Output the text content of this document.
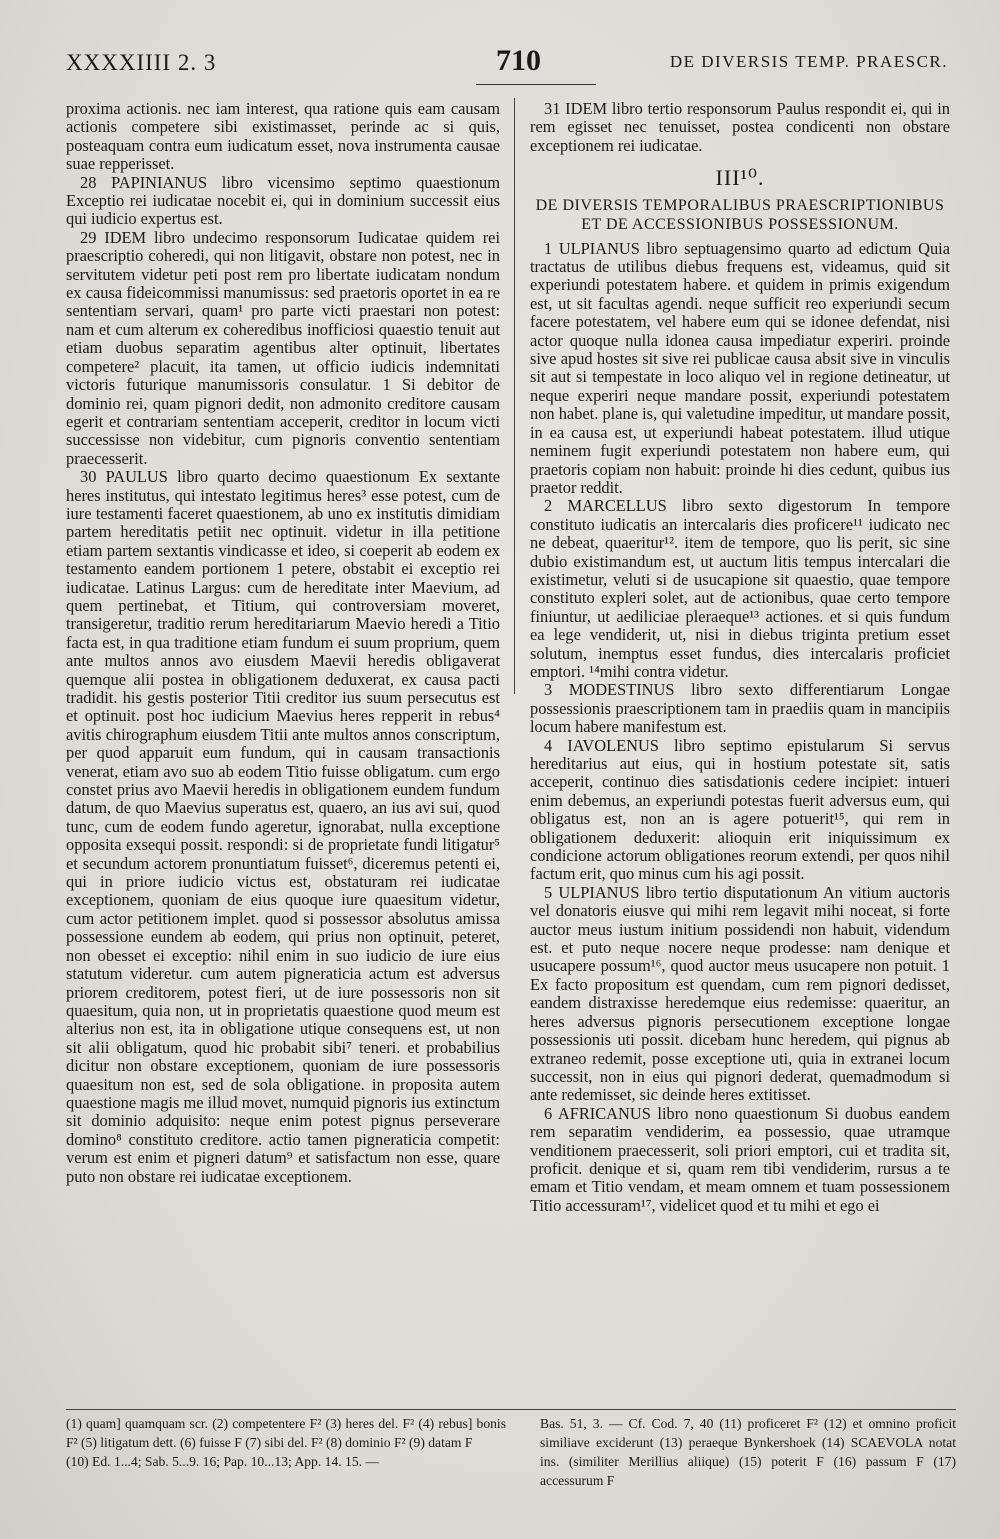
XXXXIIII 2. 3	710	DE DIVERSIS TEMP. PRAESCR.

proxima actionis. nec iam interest, qua ratione quis eam causam actionis competere sibi existimasset, perinde ac si quis, posteaquam contra eum iudicatum esset, nova instrumenta causae suae repperisset.

28 PAPINIANUS libro vicensimo septimo quaestionum Exceptio rei iudicatae nocebit ei, qui in dominium successit eius qui iudicio expertus est.

29 IDEM libro undecimo responsorum Iudicatae quidem rei praescriptio coheredi, qui non litigavit, obstare non potest, nec in servitutem videtur peti post rem pro libertate iudicatam nondum ex causa fideicommissi manumissus: sed praetoris oportet in ea re sententiam servari, quam¹ pro parte victi praestari non potest: nam et cum alterum ex coheredibus inofficiosi quaestio tenuit aut etiam duobus separatim agentibus alter optinuit, libertates competere² placuit, ita tamen, ut officio iudicis indemnitati victoris futurique manumissoris consulatur. 1 Si debitor de dominio rei, quam pignori dedit, non admonito creditore causam egerit et contrariam sententiam acceperit, creditor in locum victi successisse non videbitur, cum pignoris conventio sententiam praecesserit.

30 PAULUS libro quarto decimo quaestionum Ex sextante heres institutus, qui intestato legitimus heres³ esse potest, cum de iure testamenti faceret quaestionem, ab uno ex institutis dimidiam partem hereditatis petiit nec optinuit. videtur in illa petitione etiam partem sextantis vindicasse et ideo, si coeperit ab eodem ex testamento eandem portionem 1 petere, obstabit ei exceptio rei iudicatae. Latinus Largus: cum de hereditate inter Maevium, ad quem pertinebat, et Titium, qui controversiam moveret, transigeretur, traditio rerum hereditariarum Maevio heredi a Titio facta est, in qua traditione etiam fundum ei suum proprium, quem ante multos annos avo eiusdem Maevii heredis obligaverat quemque alii postea in obligationem deduxerat, ex causa pacti tradidit. his gestis posterior Titii creditor ius suum persecutus est et optinuit. post hoc iudicium Maevius heres repperit in rebus⁴ avitis chirographum eiusdem Titii ante multos annos conscriptum, per quod apparuit eum fundum, qui in causam transactionis venerat, etiam avo suo ab eodem Titio fuisse obligatum. cum ergo constet prius avo Maevii heredis in obligationem eundem fundum datum, de quo Maevius superatus est, quaero, an ius avi sui, quod tunc, cum de eodem fundo ageretur, ignorabat, nulla exceptione opposita exsequi possit. respondi: si de proprietate fundi litigatur⁵ et secundum actorem pronuntiatum fuisset⁶, diceremus petenti ei, qui in priore iudicio victus est, obstaturam rei iudicatae exceptionem, quoniam de eius quoque iure quaesitum videtur, cum actor petitionem implet. quod si possessor absolutus amissa possessione eundem ab eodem, qui prius non optinuit, peteret, non obesset ei exceptio: nihil enim in suo iudicio de iure eius statutum videretur. cum autem pigneraticia actum est adversus priorem creditorem, potest fieri, ut de iure possessoris non sit quaesitum, quia non, ut in proprietatis quaestione quod meum est alterius non est, ita in obligatione utique consequens est, ut non sit alii obligatum, quod hic probabit sibi⁷ teneri. et probabilius dicitur non obstare exceptionem, quoniam de iure possessoris quaesitum non est, sed de sola obligatione. in proposita autem quaestione magis me illud movet, numquid pignoris ius extinctum sit dominio adquisito: neque enim potest pignus perseverare domino⁸ constituto creditore. actio tamen pigneraticia competit: verum est enim et pigneri datum⁹ et satisfactum non esse, quare puto non obstare rei iudicatae exceptionem.

31 IDEM libro tertio responsorum Paulus respondit ei, qui in rem egisset nec tenuisset, postea condicenti non obstare exceptionem rei iudicatae.

III¹⁰.
DE DIVERSIS TEMPORALIBUS PRAESCRIPTIONIBUS ET DE ACCESSIONIBUS POSSESSIONUM.

1 ULPIANUS libro septuagensimo quarto ad edictum Quia tractatus de utilibus diebus frequens est, videamus, quid sit experiundi potestatem habere. et quidem in primis exigendum est, ut sit facultas agendi. neque sufficit reo experiundi secum facere potestatem, vel habere eum qui se idonee defendat, nisi actor quoque nulla idonea causa impediatur experiri. proinde sive apud hostes sit sive rei publicae causa absit sive in vinculis sit aut si tempestate in loco aliquo vel in regione detineatur, ut neque experiri neque mandare possit, experiundi potestatem non habet. plane is, qui valetudine impeditur, ut mandare possit, in ea causa est, ut experiundi habeat potestatem. illud utique neminem fugit experiundi potestatem non habere eum, qui praetoris copiam non habuit: proinde hi dies cedunt, quibus ius praetor reddit.

2 MARCELLUS libro sexto digestorum In tempore constituto iudicatis an intercalaris dies proficere¹¹ iudicato nec ne debeat, quaeritur¹². item de tempore, quo lis perit, sic sine dubio existimandum est, ut auctum litis tempus intercalari die existimetur, veluti si de usucapione sit quaestio, quae tempore constituto expleri solet, aut de actionibus, quae certo tempore finiuntur, ut aediliciae pleraeque¹³ actiones. et si quis fundum ea lege vendiderit, ut, nisi in diebus triginta pretium esset solutum, inemptus esset fundus, dies intercalaris proficiet emptori. ¹⁴mihi contra videtur.

3 MODESTINUS libro sexto differentiarum Longae possessionis praescriptionem tam in praediis quam in mancipiis locum habere manifestum est.

4 IAVOLENUS libro septimo epistularum Si servus hereditarius aut eius, qui in hostium potestate sit, satis acceperit, continuo dies satisdationis cedere incipiet: intueri enim debemus, an experiundi potestas fuerit adversus eum, qui obligatus est, non an is agere potuerit¹⁵, qui rem in obligationem deduxerit: alioquin erit iniquissimum ex condicione actorum obligationes reorum extendi, per quos nihil factum erit, quo minus cum his agi possit.

5 ULPIANUS libro tertio disputationum An vitium auctoris vel donatoris eiusve qui mihi rem legavit mihi noceat, si forte auctor meus iustum initium possidendi non habuit, videndum est. et puto neque nocere neque prodesse: nam denique et usucapere possum¹⁶, quod auctor meus usucapere non potuit. 1 Ex facto propositum est quendam, cum rem pignori dedisset, eandem distraxisse heredemque eius redemisse: quaeritur, an heres adversus pignoris persecutionem exceptione longae possessionis uti possit. dicebam hunc heredem, qui pignus ab extraneo redemit, posse exceptione uti, quia in extranei locum successit, non in eius qui pignori dederat, quemadmodum si ante redemisset, sic deinde heres extitisset.

6 AFRICANUS libro nono quaestionum Si duobus eandem rem separatim vendiderim, ea possessio, quae utramque venditionem praecesserit, soli priori emptori, cui et tradita sit, proficit. denique et si, quam rem tibi vendiderim, rursus a te emam et Titio vendam, et meam omnem et tuam possessionem Titio accessuram¹⁷, videlicet quod et tu mihi et ego ei

(1) quam] quamquam scr. (2) competentere F² (3) heres del. F² (4) rebus] bonis F² (5) litigatum dett. (6) fuisse F (7) sibi del. F² (8) dominio F² (9) datam F

(10) Ed. 1...4; Sab. 5...9. 16; Pap. 10...13; App. 14. 15. —

Bas. 51, 3. — Cf. Cod. 7, 40 (11) proficeret F² (12) et omnino proficit similiave exciderunt (13) peraeque Bynkershoek (14) SCAEVOLA notat ins. (similiter Merillius aliique) (15) poterit F (16) passum F (17) accessurum F
